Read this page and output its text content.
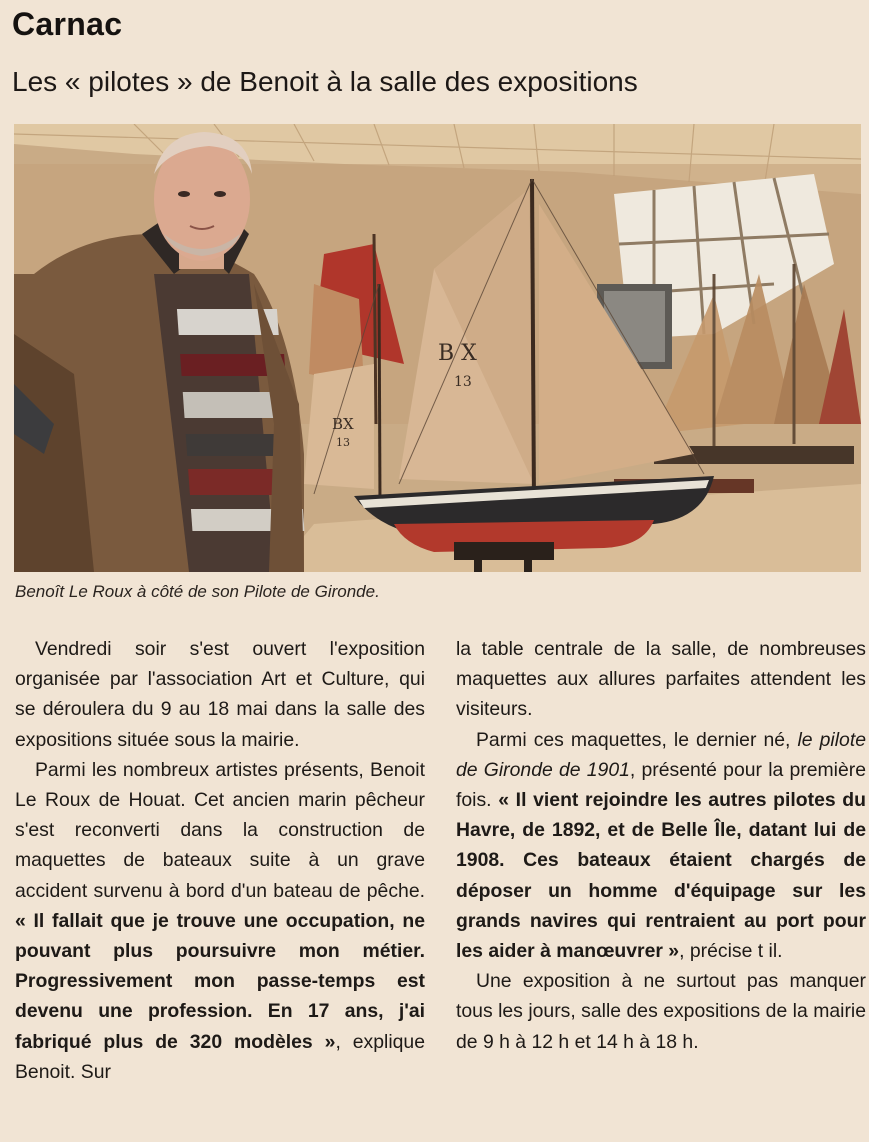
Carnac
Les « pilotes » de Benoit à la salle des expositions
B X
13
BX
13
Benoît Le Roux à côté de son Pilote de Gironde.

Vendredi soir s'est ouvert l'exposition organisée par l'association Art et Culture, qui se déroulera du 9 au 18 mai dans la salle des expositions située sous la mairie.

Parmi les nombreux artistes présents, Benoit Le Roux de Houat. Cet ancien marin pêcheur s'est reconverti dans la construction de maquettes de bateaux suite à un grave accident survenu à bord d'un bateau de pêche. « Il fallait que je trouve une occupation, ne pouvant plus poursuivre mon métier. Progressivement mon passe-temps est devenu une profession. En 17 ans, j'ai fabriqué plus de 320 modèles », explique Benoit. Sur

la table centrale de la salle, de nombreuses maquettes aux allures parfaites attendent les visiteurs.

Parmi ces maquettes, le dernier né, le pilote de Gironde de 1901, présenté pour la première fois. « Il vient rejoindre les autres pilotes du Havre, de 1892, et de Belle Île, datant lui de 1908. Ces bateaux étaient chargés de déposer un homme d'équipage sur les grands navires qui rentraient au port pour les aider à manœuvrer », précise t il.

Une exposition à ne surtout pas manquer tous les jours, salle des expositions de la mairie de 9 h à 12 h et 14 h à 18 h.
